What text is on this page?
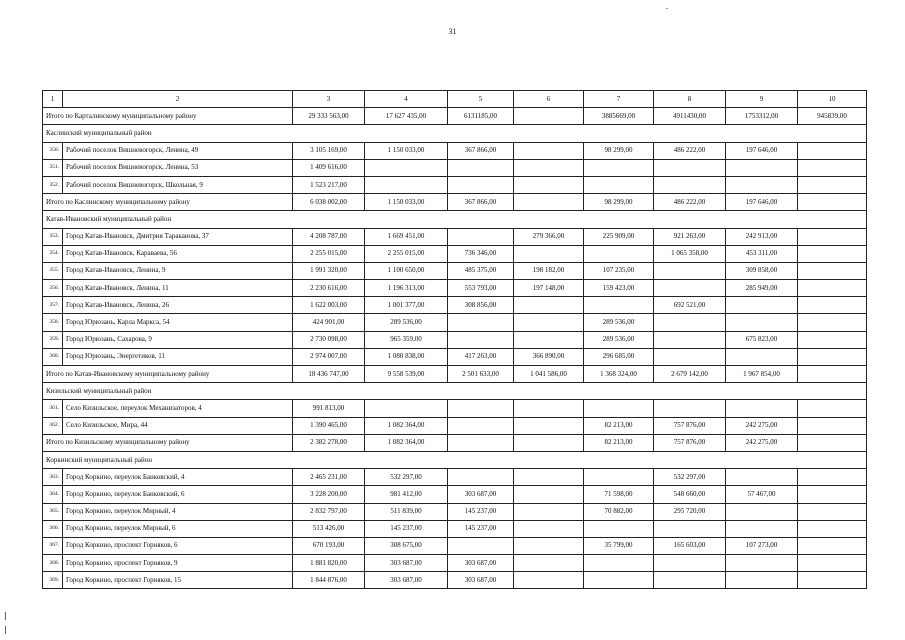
31
1	2	3	4	5	6	7	8	9	10
Итого по Карталинскому муниципальному району		29 333 563,00	17 627 435,00	6131185,00		3885669,00	4911430,00	1753312,00	945839,00
Каслинский муниципальный район									
350.	Рабочий поселок Вишневогорск, Ленина, 49	3 105 169,00	1 150 033,00	367 866,00		98 299,00	486 222,00	197 646,00	
351.	Рабочий поселок Вишневогорск, Ленина, 53	1 409 616,00							
352.	Рабочий поселок Вишневогорск, Школьная, 9	1 523 217,00							
Итого по Каслинскому муниципальному району		6 038 002,00	1 150 033,00	367 866,00		98 299,00	486 222,00	197 646,00	
Катав-Ивановский муниципальный район									
353.	Город Катав-Ивановск, Дмитрия Тараканова, 37	4 208 787,00	1 669 451,00		279 366,00	225 909,00	921 263,00	242 913,00	
354.	Город Катав-Ивановск, Караваева, 56	2 255 015,00	2 255 015,00	736 346,00			1 065 358,00	453 311,00	
355.	Город Катав-Ивановск, Ленина, 9	1 991 320,00	1 100 650,00	485 375,00	198 182,00	107 235,00		309 858,00	
356.	Город Катав-Ивановск, Ленина, 11	2 230 616,00	1 196 313,00	553 793,00	197 148,00	159 423,00		285 949,00	
357.	Город Катав-Ивановск, Ленина, 26	1 622 003,00	1 001 377,00	308 856,00			692 521,00		
358.	Город Юрюзань, Карла Маркса, 54	424 901,00	289 536,00			289 536,00			
359.	Город Юрюзань, Сахарова, 9	2 730 098,00	965 359,00			289 536,00		675 823,00	
360.	Город Юрюзань, Энергетиков, 11	2 974 007,00	1 080 838,00	417 263,00	366 890,00	296 685,00			
Итого по Катав-Ивановскому муниципальному району		18 436 747,00	9 558 539,00	2 501 633,00	1 041 586,00	1 368 324,00	2 679 142,00	1 967 854,00	
Кизильский муниципальный район									
361.	Село Кизильское, переулок Механизаторов, 4	991 813,00							
362.	Село Кизильское, Мира, 44	1 390 465,00	1 082 364,00			82 213,00	757 876,00	242 275,00	
Итого по Кизильскому муниципальному району		2 382 278,00	1 082 364,00			82 213,00	757 876,00	242 275,00	
Коркинский муниципальный район									
363.	Город Коркино, переулок Банковский, 4	2 465 231,00	532 297,00				532 297,00		
364.	Город Коркино, переулок Банковский, 6	3 228 200,00	981 412,00	303 687,00		71 598,00	548 660,00	57 467,00	
365.	Город Коркино, переулок Мирный, 4	2 832 797,00	511 839,00	145 237,00		70 882,00	295 720,00		
366.	Город Коркино, переулок Мирный, 6	513 426,00	145 237,00	145 237,00					
367.	Город Коркино, проспект Горняков, 6	670 193,00	308 675,00			35 799,00	165 603,00	107 273,00	
368.	Город Коркино, проспект Горняков, 9	1 881 820,00	303 687,00	303 687,00					
369.	Город Коркино, проспект Горняков, 15	1 844 876,00	303 687,00	303 687,00					
